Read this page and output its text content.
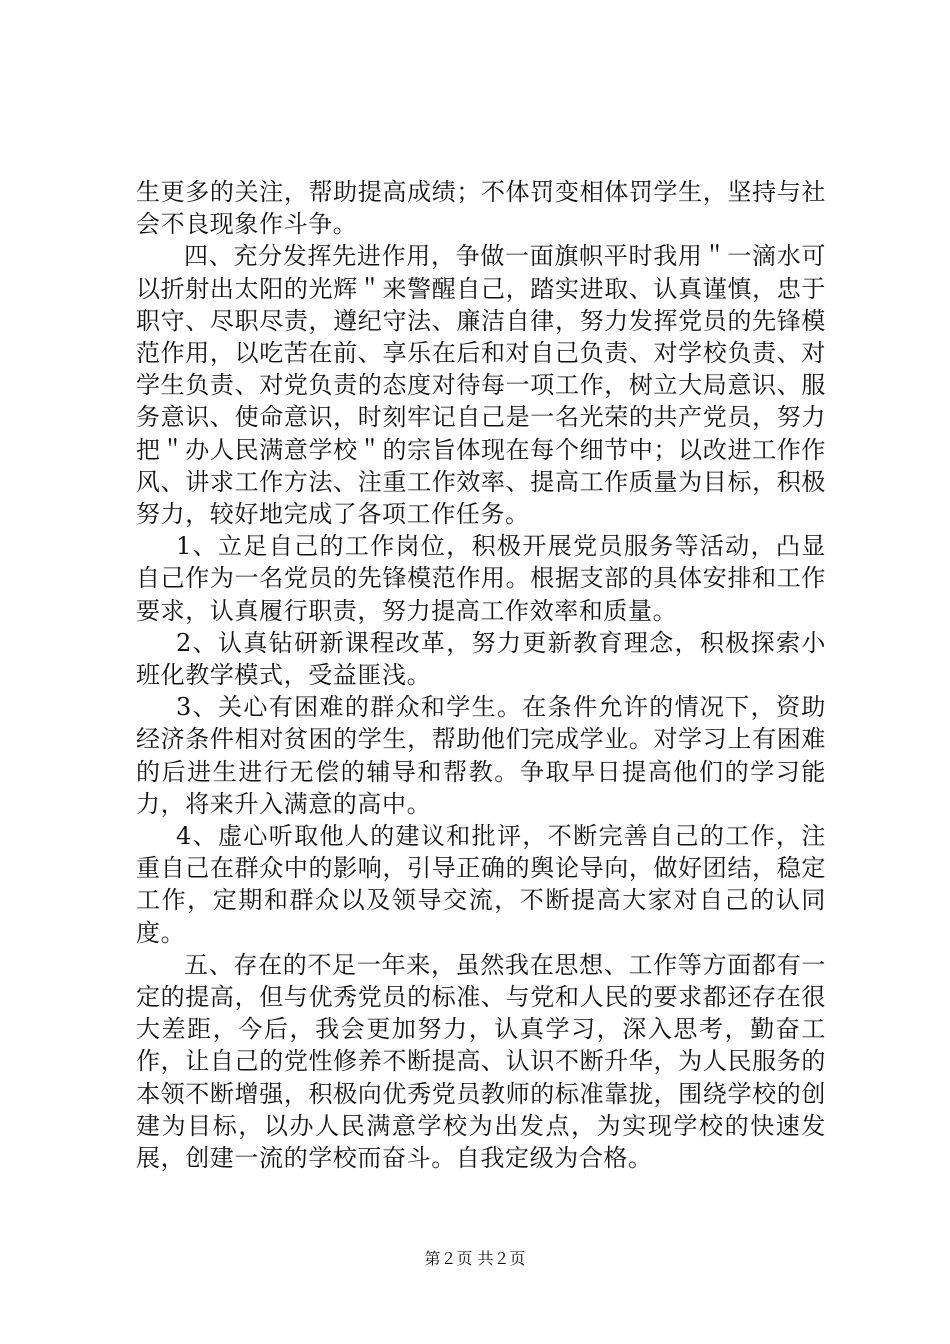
生更多的关注，帮助提高成绩；不体罚变相体罚学生，坚持与社会不良现象作斗争。

四、充分发挥先进作用，争做一面旗帜平时我用＂一滴水可以折射出太阳的光辉＂来警醒自己，踏实进取、认真谨慎，忠于职守、尽职尽责，遵纪守法、廉洁自律，努力发挥党员的先锋模范作用，以吃苦在前、享乐在后和对自己负责、对学校负责、对学生负责、对党负责的态度对待每一项工作，树立大局意识、服务意识、使命意识，时刻牢记自己是一名光荣的共产党员，努力把＂办人民满意学校＂的宗旨体现在每个细节中；以改进工作作风、讲求工作方法、注重工作效率、提高工作质量为目标，积极努力，较好地完成了各项工作任务。

1、立足自己的工作岗位，积极开展党员服务等活动，凸显自己作为一名党员的先锋模范作用。根据支部的具体安排和工作要求，认真履行职责，努力提高工作效率和质量。

2、认真钻研新课程改革，努力更新教育理念，积极探索小班化教学模式，受益匪浅。

3、关心有困难的群众和学生。在条件允许的情况下，资助经济条件相对贫困的学生，帮助他们完成学业。对学习上有困难的后进生进行无偿的辅导和帮教。争取早日提高他们的学习能力，将来升入满意的高中。

4、虚心听取他人的建议和批评，不断完善自己的工作，注重自己在群众中的影响，引导正确的舆论导向，做好团结，稳定工作，定期和群众以及领导交流，不断提高大家对自己的认同度。

五、存在的不足一年来，虽然我在思想、工作等方面都有一定的提高，但与优秀党员的标准、与党和人民的要求都还存在很大差距，今后，我会更加努力，认真学习，深入思考，勤奋工作，让自己的党性修养不断提高、认识不断升华，为人民服务的本领不断增强，积极向优秀党员教师的标准靠拢，围绕学校的创建为目标，以办人民满意学校为出发点，为实现学校的快速发展，创建一流的学校而奋斗。自我定级为合格。

第２页 共２页
